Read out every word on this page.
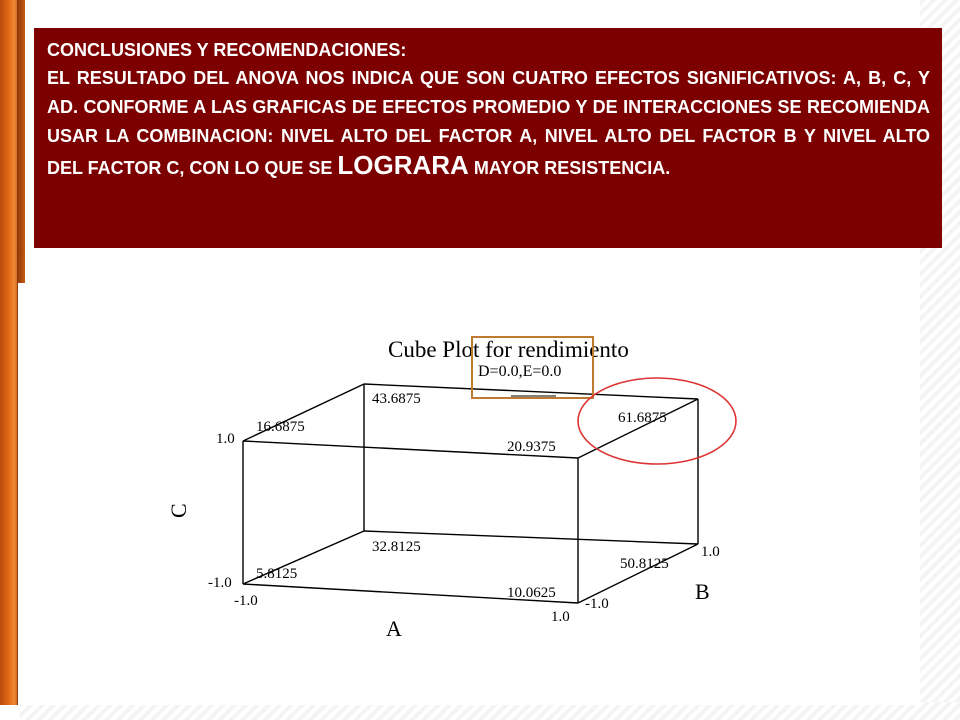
CONCLUSIONES Y RECOMENDACIONES:
EL RESULTADO DEL ANOVA NOS INDICA QUE SON CUATRO EFECTOS SIGNIFICATIVOS: A, B, C, Y AD. CONFORME A LAS GRAFICAS DE EFECTOS PROMEDIO Y DE INTERACCIONES SE RECOMIENDA USAR LA COMBINACION: NIVEL ALTO DEL FACTOR A, NIVEL ALTO DEL FACTOR B Y NIVEL ALTO DEL FACTOR C, CON LO QUE SE LOGRARA MAYOR RESISTENCIA.
Cube Plot for rendimiento
D=0.0,E=0.0
43.6875
16.6875
20.9375
61.6875
32.8125
50.8125
5.8125
10.0625
1.0
-1.0
-1.0
1.0
-1.0
1.0
C
A
B
